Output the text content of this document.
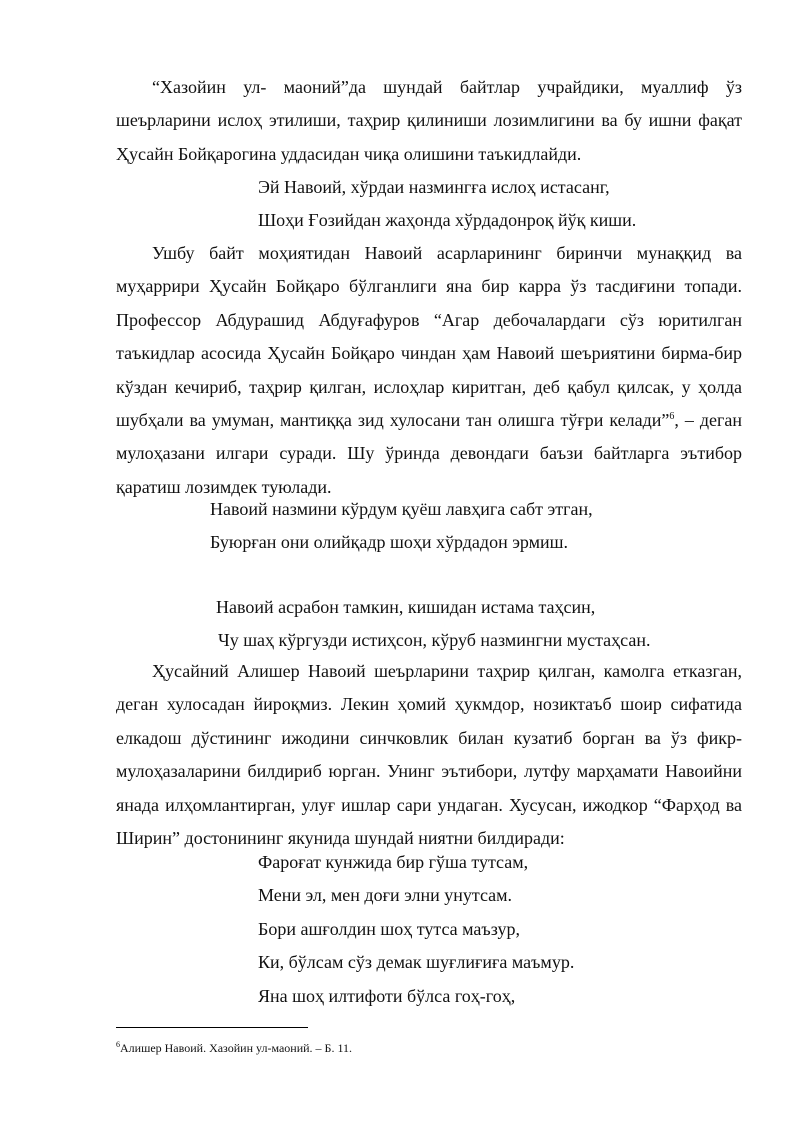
“Хазойин ул- маоний”да шундай байтлар учрайдики, муаллиф ўз шеърларини ислоҳ этилиши, таҳрир қилиниши лозимлигини ва бу ишни фақат Ҳусайн Бойқарогина уддасидан чиқа олишини таъкидлайди.

Эй Навоий, хўрдаи назмингға ислоҳ истасанг,
Шоҳи Ғозийдан жаҳонда хўрдадонроқ йўқ киши.

Ушбу байт моҳиятидан Навоий асарларининг биринчи мунаққид ва муҳаррири Ҳусайн Бойқаро бўлганлиги яна бир карра ўз тасдиғини топади. Профессор Абдурашид Абдуғафуров “Агар дебочалардаги сўз юритилган таъкидлар асосида Ҳусайн Бойқаро чиндан ҳам Навоий шеъриятини бирма-бир кўздан кечириб, таҳрир қилган, ислоҳлар киритган, деб қабул қилсак, у ҳолда шубҳали ва умуман, мантиққа зид хулосани тан олишга тўғри келади”$^6$, – деган мулоҳазани илгари суради. Шу ўринда девондаги баъзи байтларга эътибор қаратиш лозимдек туюлади.

Навоий назмини кўрдум қуёш лавҳига сабт этган,
Буюрған они олийқадр шоҳи хўрдадон эрмиш.
Навоий асрабон тамкин, кишидан истама таҳсин,
Чу шаҳ кўргузди истиҳсон, кўруб назмингни мустаҳсан.

Ҳусайний Алишер Навоий шеърларини таҳрир қилган, камолга етказган, деган хулосадан йироқмиз. Лекин ҳомий ҳукмдор, нозиктаъб шоир сифатида елкадош дўстининг ижодини синчковлик билан кузатиб борган ва ўз фикр-мулоҳазаларини билдириб юрган. Унинг эътибори, лутфу марҳамати Навоийни янада илҳомлантирган, улуғ ишлар сари ундаган. Хусусан, ижодкор “Фарҳод ва Ширин” достонининг якунида шундай ниятни билдиради:

Фароғат кунжида бир гўша тутсам,
Мени эл, мен доғи элни унутсам.
Бори ашғолдин шоҳ тутса маъзур,
Ки, бўлсам сўз демак шуғлиғиға маъмур.
Яна шоҳ илтифоти бўлса гоҳ-гоҳ,
$^6$Алишер Навоий. Хазойин ул-маоний. – Б. 11.
